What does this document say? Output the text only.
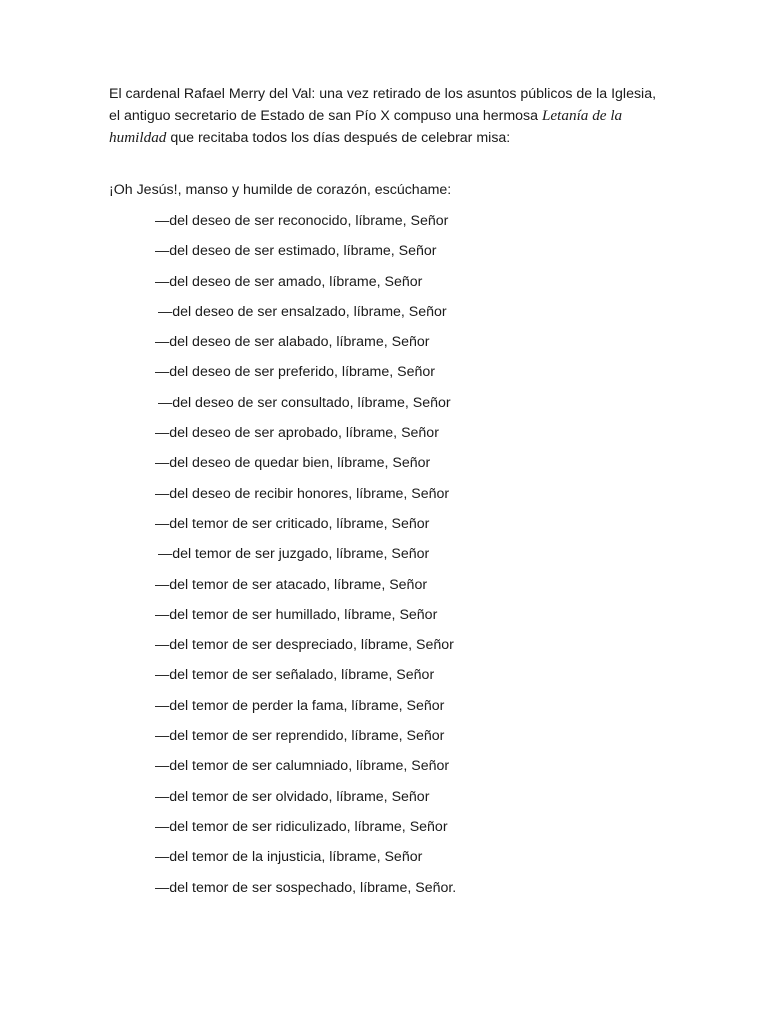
El cardenal Rafael Merry del Val: una vez retirado de los asuntos públicos de la Iglesia, el antiguo secretario de Estado de san Pío X compuso una hermosa Letanía de la humildad que recitaba todos los días después de celebrar misa:

¡Oh Jesús!, manso y humilde de corazón, escúchame:

—del deseo de ser reconocido, líbrame, Señor
—del deseo de ser estimado, líbrame, Señor
—del deseo de ser amado, líbrame, Señor
—del deseo de ser ensalzado, líbrame, Señor
—del deseo de ser alabado, líbrame, Señor
—del deseo de ser preferido, líbrame, Señor
—del deseo de ser consultado, líbrame, Señor
—del deseo de ser aprobado, líbrame, Señor
—del deseo de quedar bien, líbrame, Señor
—del deseo de recibir honores, líbrame, Señor
—del temor de ser criticado, líbrame, Señor
—del temor de ser juzgado, líbrame, Señor
—del temor de ser atacado, líbrame, Señor
—del temor de ser humillado, líbrame, Señor
—del temor de ser despreciado, líbrame, Señor
—del temor de ser señalado, líbrame, Señor
—del temor de perder la fama, líbrame, Señor
—del temor de ser reprendido, líbrame, Señor
—del temor de ser calumniado, líbrame, Señor
—del temor de ser olvidado, líbrame, Señor
—del temor de ser ridiculizado, líbrame, Señor
—del temor de la injusticia, líbrame, Señor
—del temor de ser sospechado, líbrame, Señor.
